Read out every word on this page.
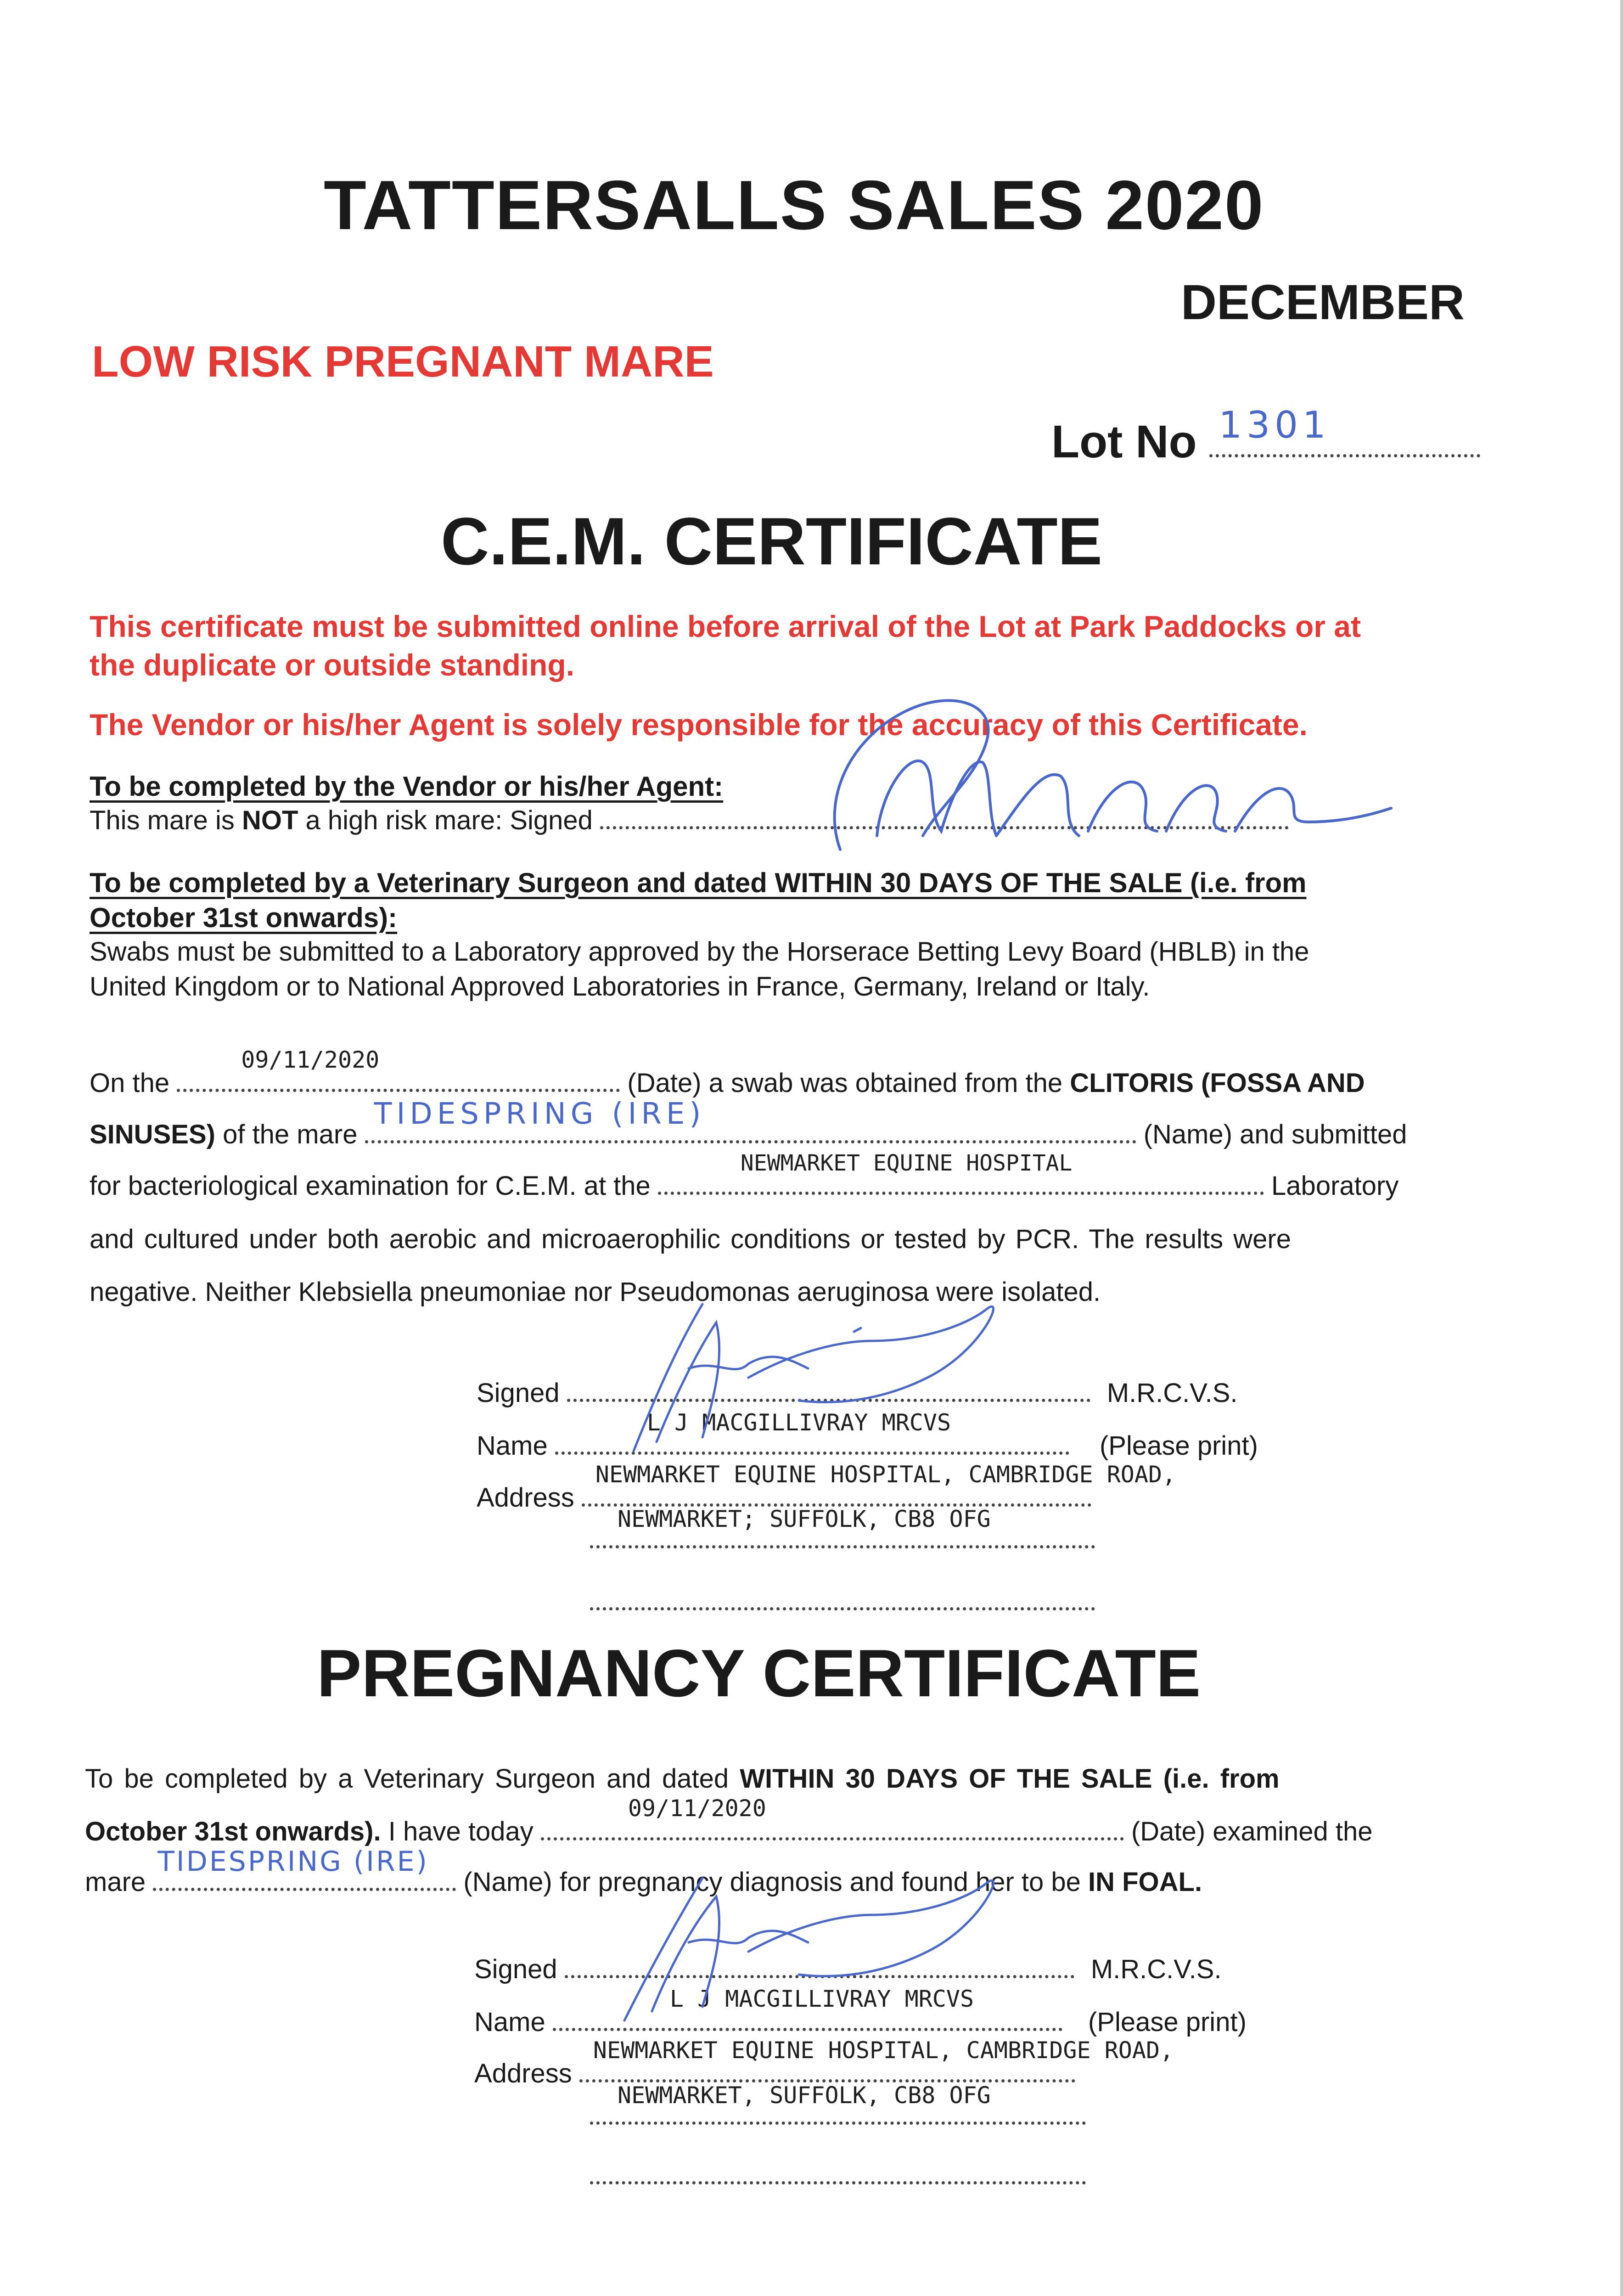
TATTERSALLS SALES 2020
DECEMBER
LOW RISK PREGNANT MARE
Lot No 1301
C.E.M. CERTIFICATE
This certificate must be submitted online before arrival of the Lot at Park Paddocks or at
the duplicate or outside standing.
The Vendor or his/her Agent is solely responsible for the accuracy of this Certificate.
To be completed by the Vendor or his/her Agent:
This mare is NOT a high risk mare: Signed
To be completed by a Veterinary Surgeon and dated WITHIN 30 DAYS OF THE SALE (i.e. from
October 31st onwards):
Swabs must be submitted to a Laboratory approved by the Horserace Betting Levy Board (HBLB) in the
United Kingdom or to National Approved Laboratories in France, Germany, Ireland or Italy.
On the
09/11/2020
(Date) a swab was obtained from the CLITORIS (FOSSA AND
SINUSES) of the mare
TIDESPRING (IRE)
(Name) and submitted
for bacteriological examination for C.E.M. at the
NEWMARKET EQUINE HOSPITAL
Laboratory
and cultured under both aerobic and microaerophilic conditions or tested by PCR. The results were
negative. Neither Klebsiella pneumoniae nor Pseudomonas aeruginosa were isolated.
Signed	M.R.C.V.S.
Name
L J MACGILLIVRAY MRCVS
(Please print)
Address
NEWMARKET EQUINE HOSPITAL, CAMBRIDGE ROAD,
NEWMARKET; SUFFOLK, CB8 OFG
PREGNANCY CERTIFICATE
To be completed by a Veterinary Surgeon and dated WITHIN 30 DAYS OF THE SALE (i.e. from
October 31st onwards). I have today
09/11/2020
(Date) examined the
mare
TIDESPRING (IRE)
(Name) for pregnancy diagnosis and found her to be IN FOAL.
Signed	M.R.C.V.S.
Name
L J MACGILLIVRAY MRCVS
(Please print)
Address
NEWMARKET EQUINE HOSPITAL, CAMBRIDGE ROAD,
NEWMARKET, SUFFOLK, CB8 OFG
